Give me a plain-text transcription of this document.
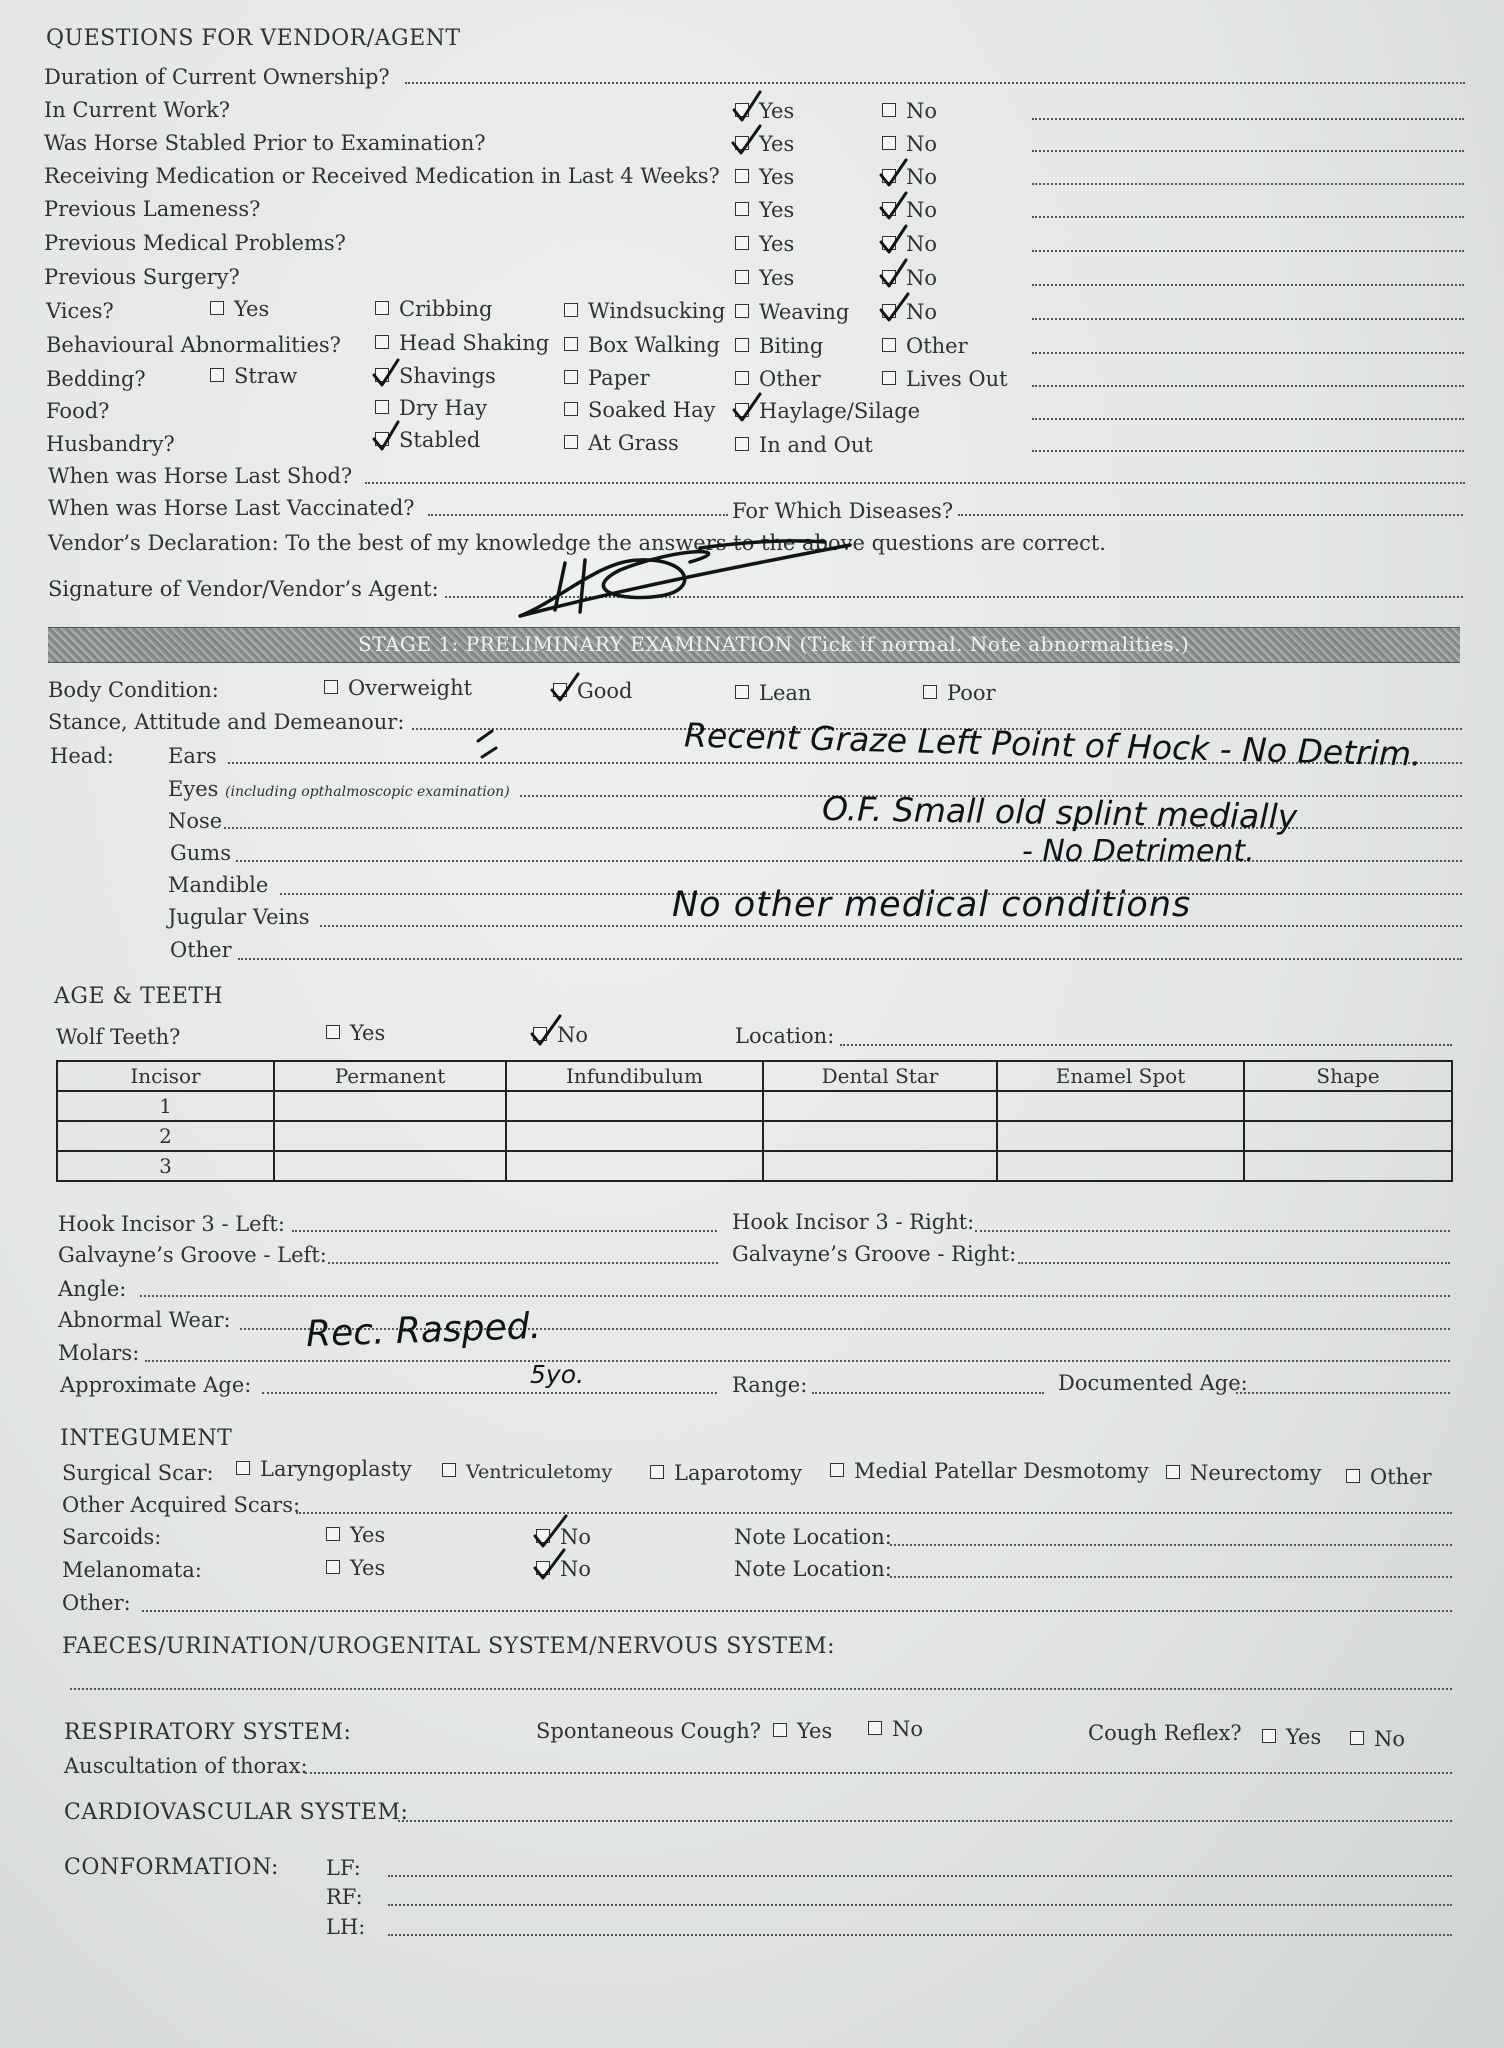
QUESTIONS FOR VENDOR/AGENT
Duration of Current Ownership?
In Current Work?	Yes	No
Was Horse Stabled Prior to Examination?	Yes	No
Receiving Medication or Received Medication in Last 4 Weeks?	Yes	No
Previous Lameness?	Yes	No
Previous Medical Problems?	Yes	No
Previous Surgery?	Yes	No
Vices?	Yes	Cribbing	Windsucking	Weaving	No
Behavioural Abnormalities?	Head Shaking	Box Walking	Biting	Other
Bedding?	Straw	Shavings	Paper	Other	Lives Out
Food?	Dry Hay	Soaked Hay	Haylage/Silage
Husbandry?	Stabled	At Grass	In and Out
When was Horse Last Shod?
When was Horse Last Vaccinated?	For Which Diseases?
Vendor’s Declaration: To the best of my knowledge the answers to the above questions are correct.
Signature of Vendor/Vendor’s Agent:
STAGE 1: PRELIMINARY EXAMINATION (Tick if normal. Note abnormalities.)
Body Condition:	Overweight	Good	Lean	Poor
Stance, Attitude and Demeanour:
Head:	Ears
Eyes (including opthalmoscopic examination)
Nose
Gums
Mandible
Jugular Veins
Other
Recent Graze Left Point of Hock - No Detrim.
O.F. Small old splint medially
- No Detriment.
No other medical conditions
AGE & TEETH
Wolf Teeth?	Yes	No	Location:
Incisor	Permanent	Infundibulum	Dental Star	Enamel Spot	Shape
1					
2					
3					
Hook Incisor 3 - Left:	Hook Incisor 3 - Right:
Galvayne’s Groove - Left:	Galvayne’s Groove - Right:
Angle:
Abnormal Wear:
Molars:
Approximate Age:	Range:	Documented Age:
Rec. Rasped.
5yo.
INTEGUMENT
Surgical Scar:	Laryngoplasty	Ventriculetomy	Laparotomy	Medial Patellar Desmotomy	Neurectomy	Other
Other Acquired Scars:
Sarcoids:	Yes	No	Note Location:
Melanomata:	Yes	No	Note Location:
Other:
FAECES/URINATION/UROGENITAL SYSTEM/NERVOUS SYSTEM:
RESPIRATORY SYSTEM:	Spontaneous Cough?	Yes	No	Cough Reflex?	Yes	No
Auscultation of thorax:
CARDIOVASCULAR SYSTEM:
CONFORMATION: LF:
RF:
LH:
